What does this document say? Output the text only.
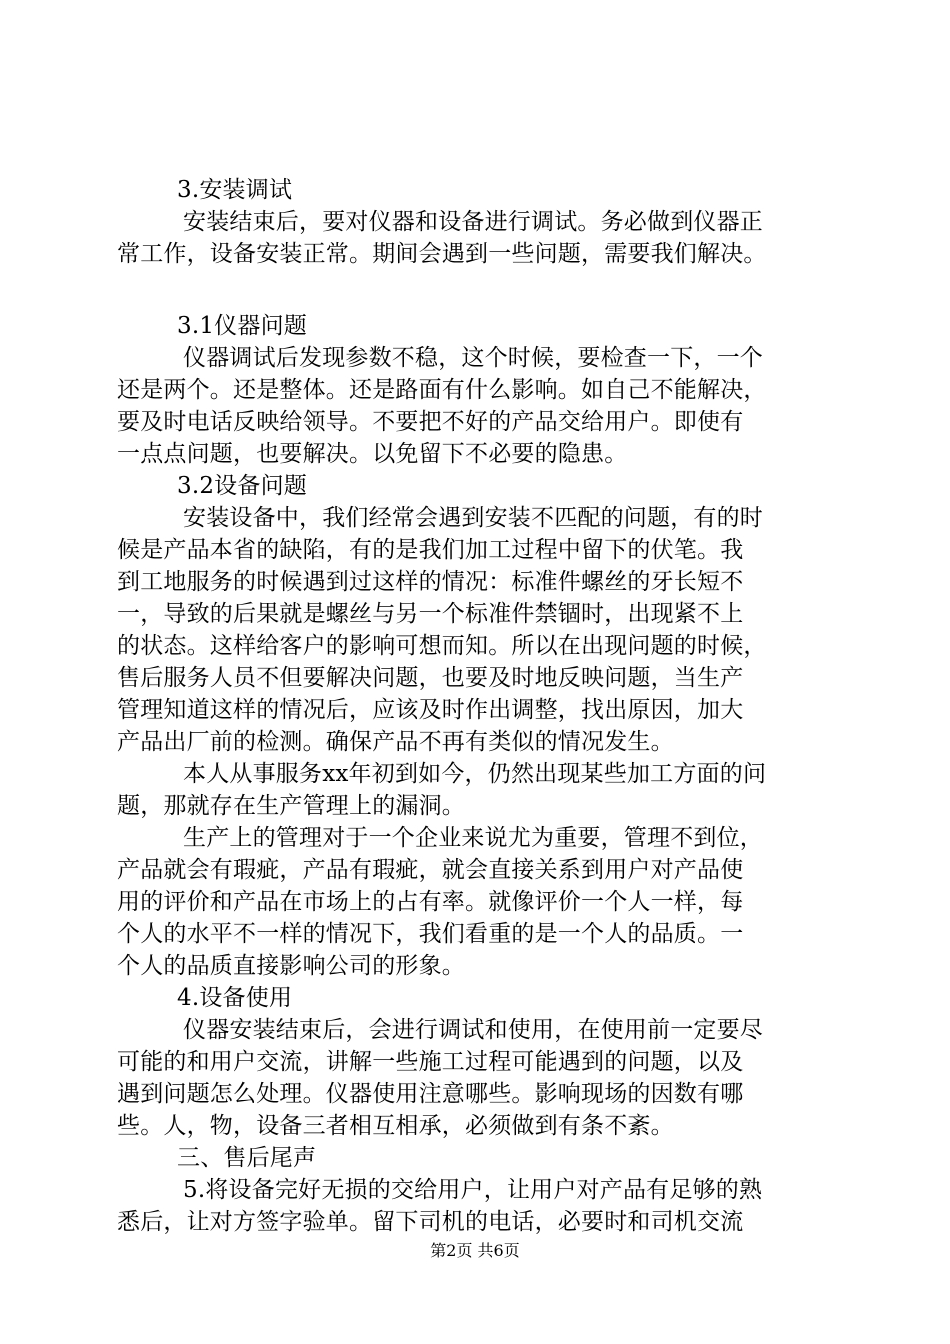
3.安装调试
安装结束后，要对仪器和设备进行调试。务必做到仪器正
常工作，设备安装正常。期间会遇到一些问题，需要我们解决。
3.1仪器问题
仪器调试后发现参数不稳，这个时候，要检查一下，一个
还是两个。还是整体。还是路面有什么影响。如自己不能解决，
要及时电话反映给领导。不要把不好的产品交给用户。即使有
一点点问题，也要解决。以免留下不必要的隐患。
3.2设备问题
安装设备中，我们经常会遇到安装不匹配的问题，有的时
候是产品本省的缺陷，有的是我们加工过程中留下的伏笔。我
到工地服务的时候遇到过这样的情况：标准件螺丝的牙长短不
一，导致的后果就是螺丝与另一个标准件禁锢时，出现紧不上
的状态。这样给客户的影响可想而知。所以在出现问题的时候，
售后服务人员不但要解决问题，也要及时地反映问题，当生产
管理知道这样的情况后，应该及时作出调整，找出原因，加大
产品出厂前的检测。确保产品不再有类似的情况发生。
本人从事服务xx年初到如今，仍然出现某些加工方面的问
题，那就存在生产管理上的漏洞。
生产上的管理对于一个企业来说尤为重要，管理不到位，
产品就会有瑕疵，产品有瑕疵，就会直接关系到用户对产品使
用的评价和产品在市场上的占有率。就像评价一个人一样，每
个人的水平不一样的情况下，我们看重的是一个人的品质。一
个人的品质直接影响公司的形象。
4.设备使用
仪器安装结束后，会进行调试和使用，在使用前一定要尽
可能的和用户交流，讲解一些施工过程可能遇到的问题，以及
遇到问题怎么处理。仪器使用注意哪些。影响现场的因数有哪
些。人，物，设备三者相互相承，必须做到有条不紊。
三、售后尾声
5.将设备完好无损的交给用户，让用户对产品有足够的熟
悉后，让对方签字验单。留下司机的电话，必要时和司机交流
第2页 共6页
